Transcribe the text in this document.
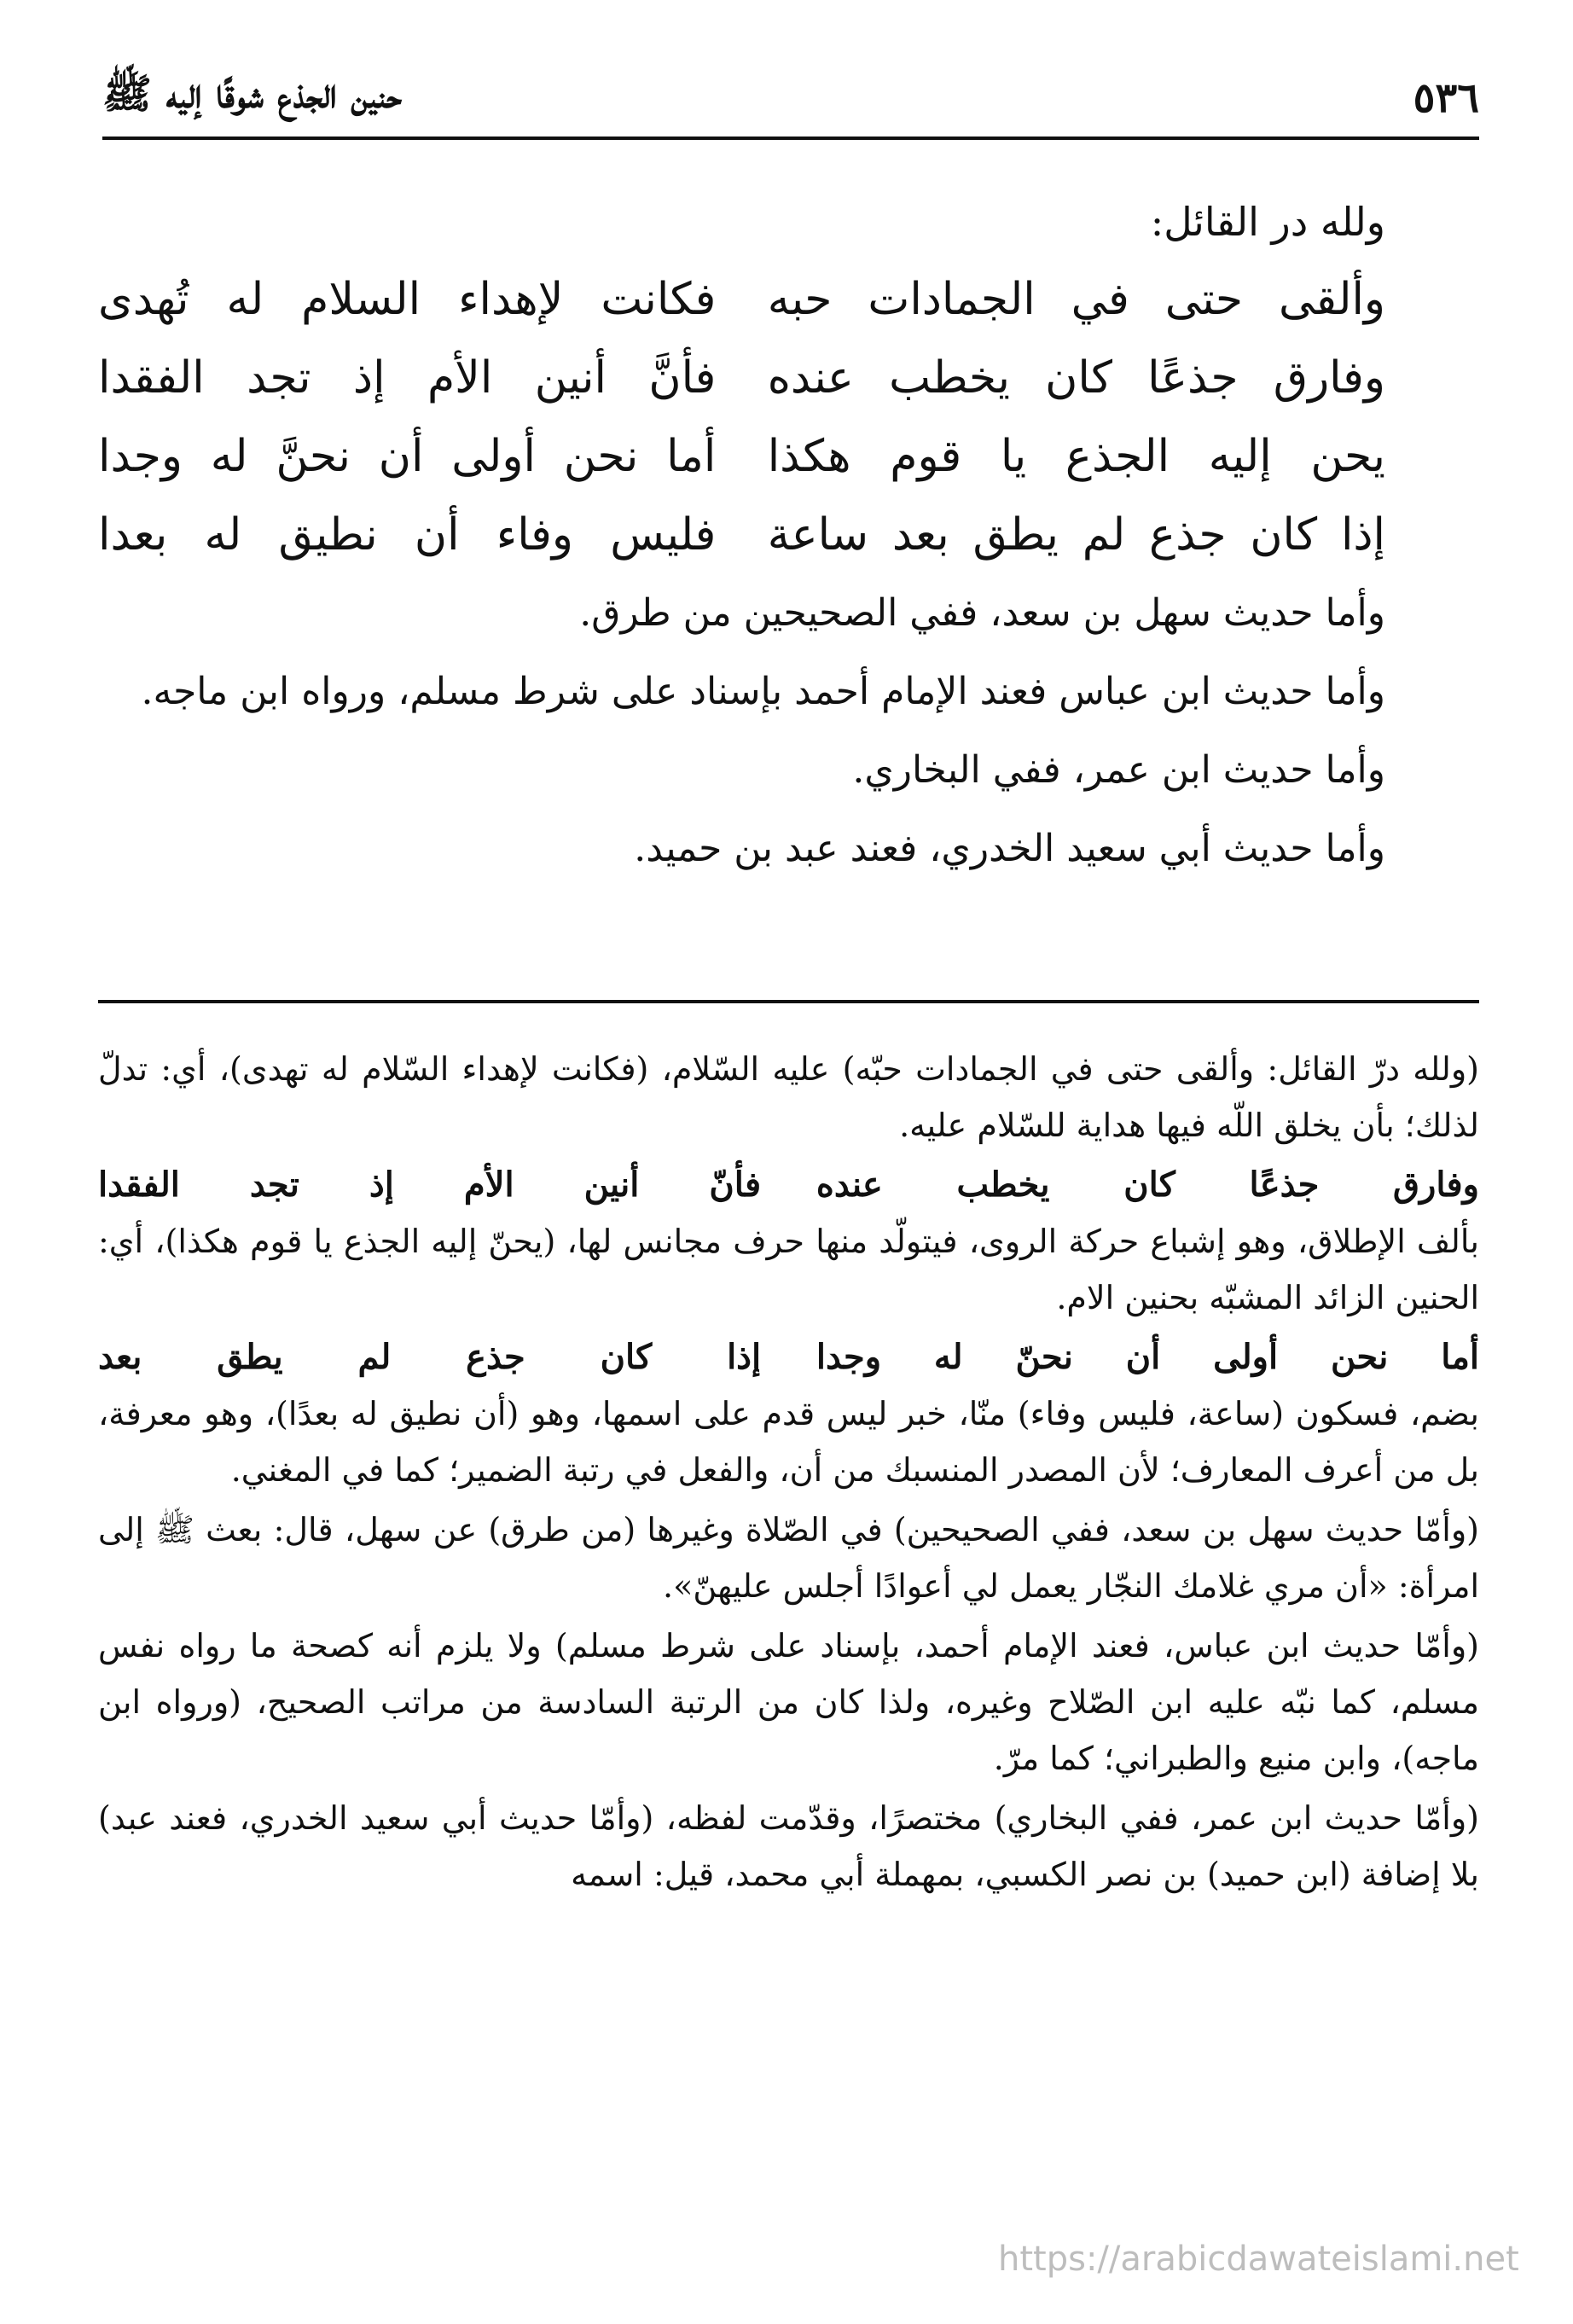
٥٣٦
حنين الجذع شوقًا إليه ﷺ
ولله در القائل:
وألقى حتى في الجمادات حبه
فكانت لإهداء السلام له تُهدى
وفارق جذعًا كان يخطب عنده
فأنَّ أنين الأم إذ تجد الفقدا
يحن إليه الجذع يا قوم هكذا
أما نحن أولى أن نحنَّ له وجدا
إذا كان جذع لم يطق بعد ساعة
فليس وفاء أن نطيق له بعدا
وأما حديث سهل بن سعد، ففي الصحيحين من طرق.
وأما حديث ابن عباس فعند الإمام أحمد بإسناد على شرط مسلم، ورواه ابن ماجه.
وأما حديث ابن عمر، ففي البخاري.
وأما حديث أبي سعيد الخدري، فعند عبد بن حميد.

(ولله درّ القائل: وألقى حتى في الجمادات حبّه) عليه السّلام، (فكانت لإهداء السّلام له تهدى)، أي: تدلّ لذلك؛ بأن يخلق اللّه فيها هداية للسّلام عليه.

وفارق جذعًا كان يخطب عنده
فأنّ أنين الأم إذ تجد الفقدا

بألف الإطلاق، وهو إشباع حركة الروى، فيتولّد منها حرف مجانس لها، (يحنّ إليه الجذع يا قوم هكذا)، أي: الحنين الزائد المشبّه بحنين الام.

أما نحن أولى أن نحنّ له وجدا
إذا كان جذع لم يطق بعد

بضم، فسكون (ساعة، فليس وفاء) منّا، خبر ليس قدم على اسمها، وهو (أن نطيق له بعدًا)، وهو معرفة، بل من أعرف المعارف؛ لأن المصدر المنسبك من أن، والفعل في رتبة الضمير؛ كما في المغني.

(وأمّا حديث سهل بن سعد، ففي الصحيحين) في الصّلاة وغيرها (من طرق) عن سهل، قال: بعث ﷺ إلى امرأة: «أن مري غلامك النجّار يعمل لي أعوادًا أجلس عليهنّ».

(وأمّا حديث ابن عباس، فعند الإمام أحمد، بإسناد على شرط مسلم) ولا يلزم أنه كصحة ما رواه نفس مسلم، كما نبّه عليه ابن الصّلاح وغيره، ولذا كان من الرتبة السادسة من مراتب الصحيح، (ورواه ابن ماجه)، وابن منيع والطبراني؛ كما مرّ.

(وأمّا حديث ابن عمر، ففي البخاري) مختصرًا، وقدّمت لفظه، (وأمّا حديث أبي سعيد الخدري، فعند عبد) بلا إضافة (ابن حميد) بن نصر الكسبي، بمهملة أبي محمد، قيل: اسمه

https://arabicdawateislami.net
